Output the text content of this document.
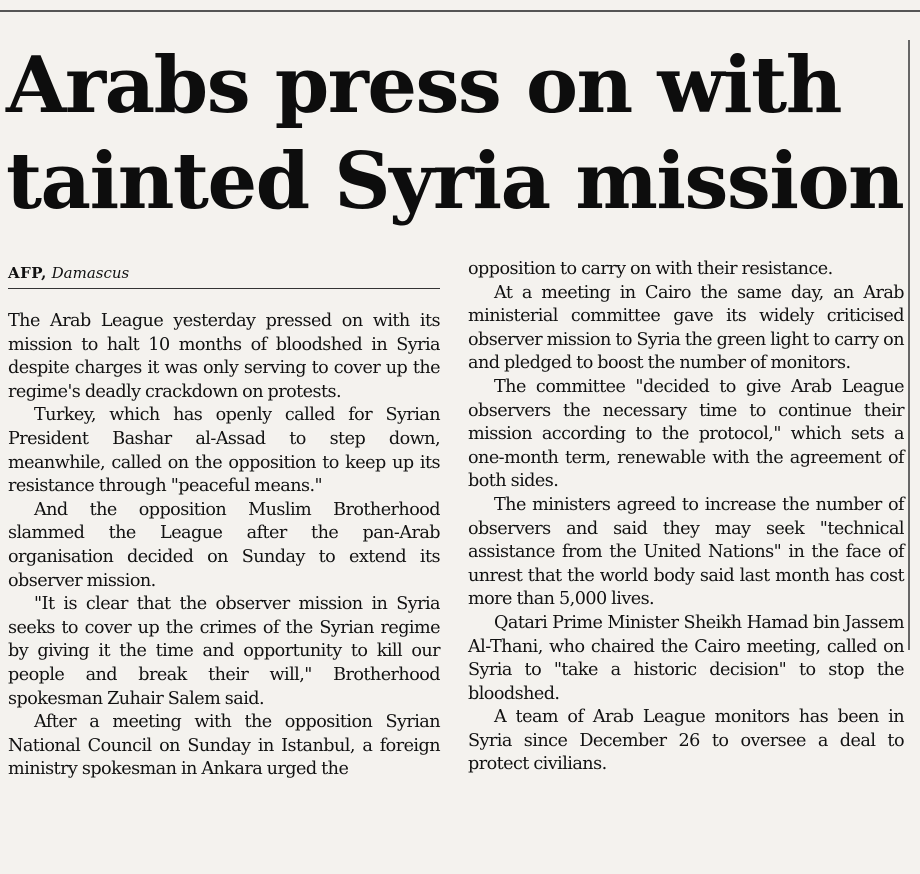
Arabs press on with
tainted Syria mission
AFP, Damascus

The Arab League yesterday pressed on with its mission to halt 10 months of bloodshed in Syria despite charges it was only serving to cover up the regime's deadly crackdown on protests.

Turkey, which has openly called for Syrian President Bashar al-Assad to step down, meanwhile, called on the opposition to keep up its resistance through "peaceful means."

And the opposition Muslim Brotherhood slammed the League after the pan-Arab organisation decided on Sunday to extend its observer mission.

"It is clear that the observer mission in Syria seeks to cover up the crimes of the Syrian regime by giving it the time and opportunity to kill our people and break their will," Brotherhood spokesman Zuhair Salem said.

After a meeting with the opposition Syrian National Council on Sunday in Istanbul, a foreign ministry spokesman in Ankara urged the

opposition to carry on with their resistance.

At a meeting in Cairo the same day, an Arab ministerial committee gave its widely criticised observer mission to Syria the green light to carry on and pledged to boost the number of monitors.

The committee "decided to give Arab League observers the necessary time to continue their mission according to the protocol," which sets a one-month term, renewable with the agreement of both sides.

The ministers agreed to increase the number of observers and said they may seek "technical assistance from the United Nations" in the face of unrest that the world body said last month has cost more than 5,000 lives.

Qatari Prime Minister Sheikh Hamad bin Jassem Al-Thani, who chaired the Cairo meeting, called on Syria to "take a historic decision" to stop the bloodshed.

A team of Arab League monitors has been in Syria since December 26 to oversee a deal to protect civilians.
